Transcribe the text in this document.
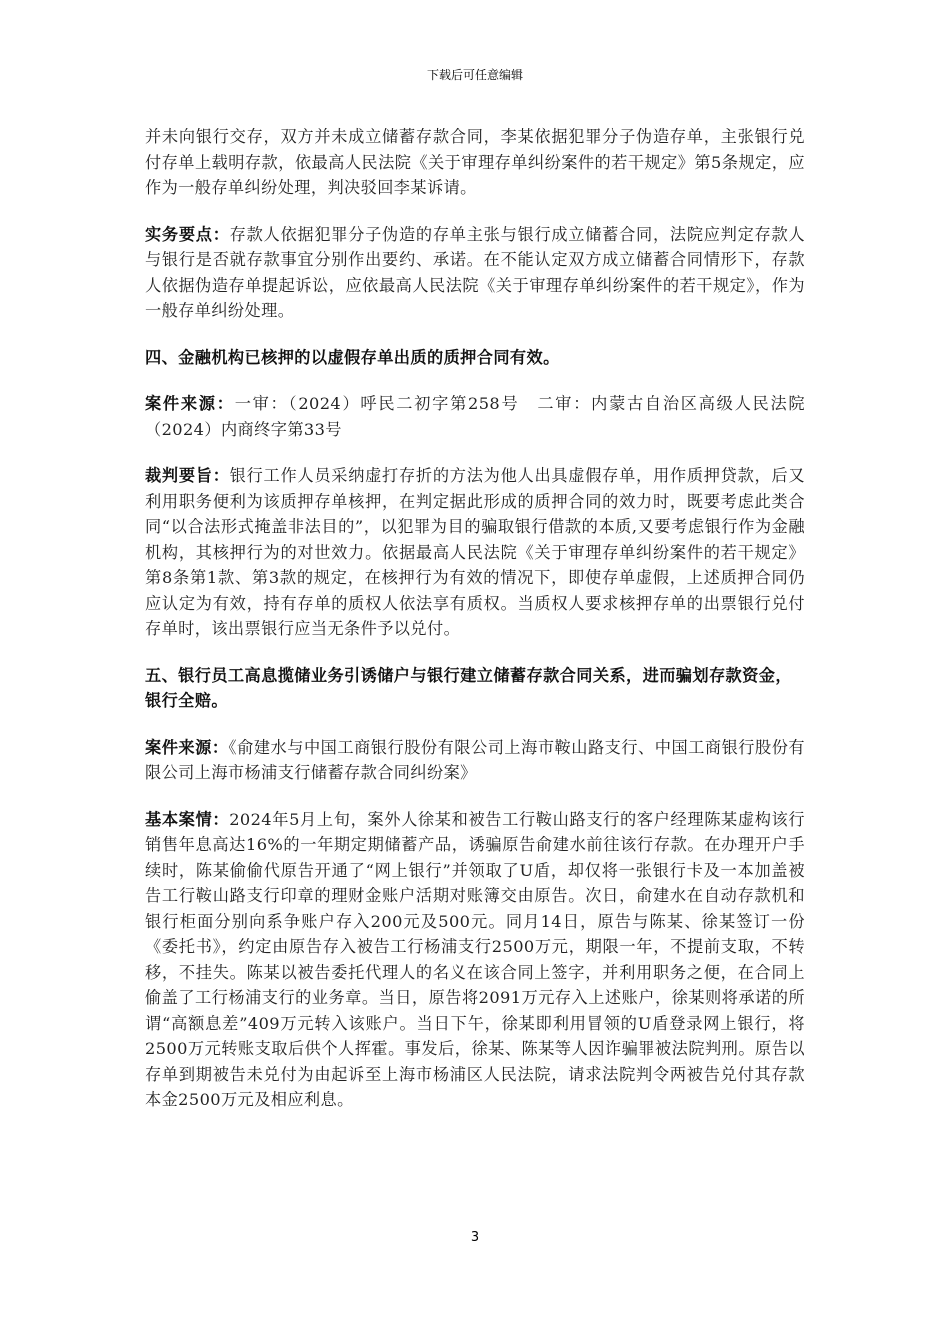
下载后可任意编辑

并未向银行交存，双方并未成立储蓄存款合同，李某依据犯罪分子伪造存单，主张银行兑付存单上载明存款，依最高人民法院《关于审理存单纠纷案件的若干规定》第5条规定，应作为一般存单纠纷处理，判决驳回李某诉请。

实务要点：存款人依据犯罪分子伪造的存单主张与银行成立储蓄合同，法院应判定存款人与银行是否就存款事宜分别作出要约、承诺。在不能认定双方成立储蓄合同情形下，存款人依据伪造存单提起诉讼，应依最高人民法院《关于审理存单纠纷案件的若干规定》，作为一般存单纠纷处理。

四、金融机构已核押的以虚假存单出质的质押合同有效。

案件来源：一审：（2024）呼民二初字第258号　二审：内蒙古自治区高级人民法院（2024）内商终字第33号

裁判要旨：银行工作人员采纳虚打存折的方法为他人出具虚假存单，用作质押贷款，后又利用职务便利为该质押存单核押，在判定据此形成的质押合同的效力时，既要考虑此类合同“以合法形式掩盖非法目的”，以犯罪为目的骗取银行借款的本质,又要考虑银行作为金融机构，其核押行为的对世效力。依据最高人民法院《关于审理存单纠纷案件的若干规定》第8条第1款、第3款的规定，在核押行为有效的情况下，即使存单虚假，上述质押合同仍应认定为有效，持有存单的质权人依法享有质权。当质权人要求核押存单的出票银行兑付存单时，该出票银行应当无条件予以兑付。

五、银行员工高息揽储业务引诱储户与银行建立储蓄存款合同关系，进而骗划存款资金，银行全赔。

案件来源：《俞建水与中国工商银行股份有限公司上海市鞍山路支行、中国工商银行股份有限公司上海市杨浦支行储蓄存款合同纠纷案》

基本案情：2024年5月上旬，案外人徐某和被告工行鞍山路支行的客户经理陈某虚构该行销售年息高达16%的一年期定期储蓄产品，诱骗原告俞建水前往该行存款。在办理开户手续时，陈某偷偷代原告开通了“网上银行”并领取了U盾，却仅将一张银行卡及一本加盖被告工行鞍山路支行印章的理财金账户活期对账簿交由原告。次日，俞建水在自动存款机和银行柜面分别向系争账户存入200元及500元。同月14日，原告与陈某、徐某签订一份《委托书》，约定由原告存入被告工行杨浦支行2500万元，期限一年，不提前支取，不转移，不挂失。陈某以被告委托代理人的名义在该合同上签字，并利用职务之便，在合同上偷盖了工行杨浦支行的业务章。当日，原告将2091万元存入上述账户，徐某则将承诺的所谓“高额息差”409万元转入该账户。当日下午，徐某即利用冒领的U盾登录网上银行，将2500万元转账支取后供个人挥霍。事发后，徐某、陈某等人因诈骗罪被法院判刑。原告以存单到期被告未兑付为由起诉至上海市杨浦区人民法院，请求法院判令两被告兑付其存款本金2500万元及相应利息。

3
